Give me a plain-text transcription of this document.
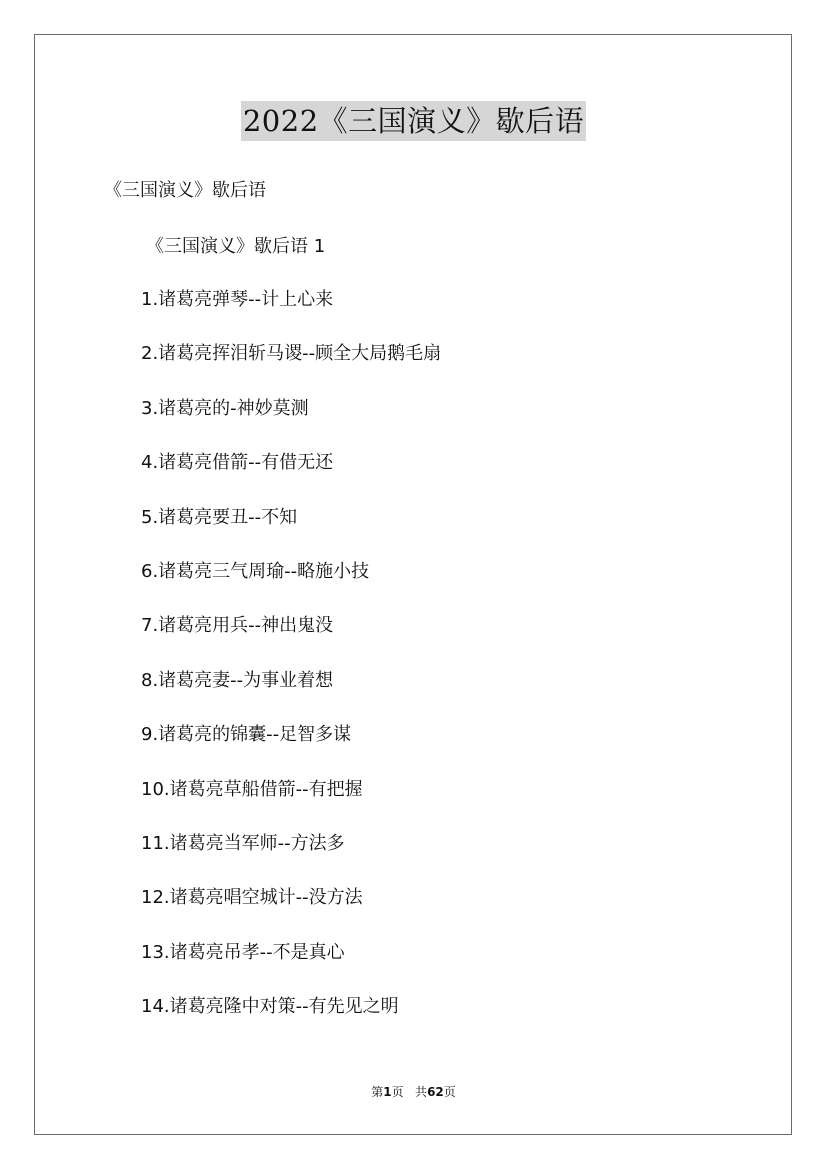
2022《三国演义》歇后语
《三国演义》歇后语
《三国演义》歇后语 1
1.诸葛亮弹琴--计上心来
2.诸葛亮挥泪斩马谡--顾全大局鹅毛扇
3.诸葛亮的-神妙莫测
4.诸葛亮借箭--有借无还
5.诸葛亮要丑--不知
6.诸葛亮三气周瑜--略施小技
7.诸葛亮用兵--神出鬼没
8.诸葛亮妻--为事业着想
9.诸葛亮的锦囊--足智多谋
10.诸葛亮草船借箭--有把握
11.诸葛亮当军师--方法多
12.诸葛亮唱空城计--没方法
13.诸葛亮吊孝--不是真心
14.诸葛亮隆中对策--有先见之明
第1页 共62页
